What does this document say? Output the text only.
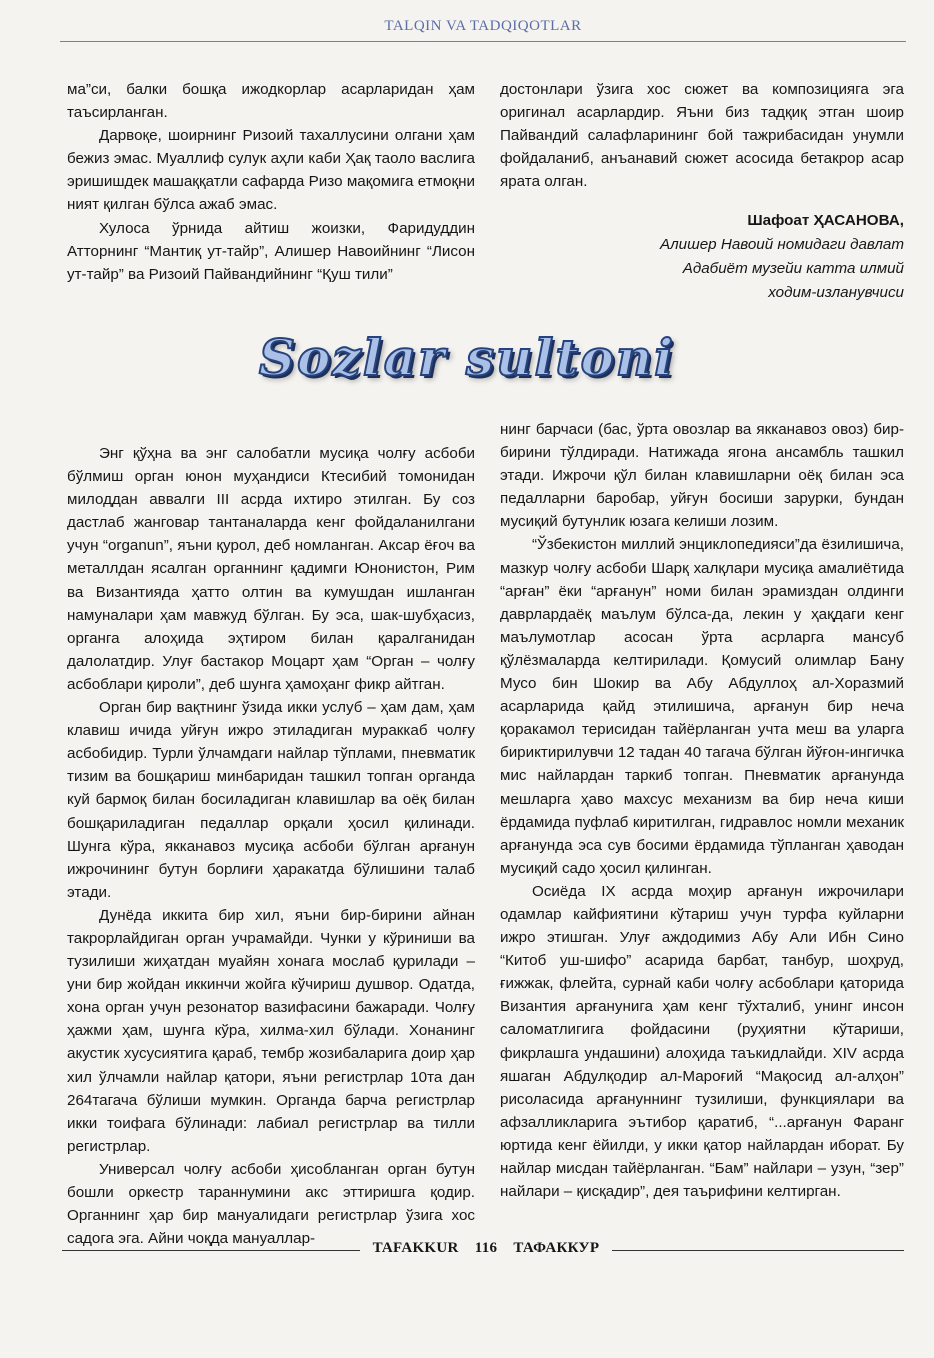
TALQIN VA TADQIQOTLAR

ма”си, балки бошқа ижодкорлар асарларидан ҳам таъсирланган.

Дарвоқе, шоирнинг Ризоий тахаллусини олгани ҳам бежиз эмас. Муаллиф сулук аҳли каби Ҳақ таоло васлига эришишдек машаққатли сафарда Ризо мақомига етмоқни ният қилган бўлса ажаб эмас.

Хулоса ўрнида айтиш жоизки, Фаридуддин Атторнинг “Мантиқ ут-тайр”, Алишер Навоийнинг “Лисон ут-тайр” ва Ризоий Пайвандийнинг “Қуш тили”

достонлари ўзига хос сюжет ва композицияга эга оригинал асарлардир. Яъни биз тадқиқ этган шоир Пайвандий салафларининг бой тажрибасидан унумли фойдаланиб, анъанавий сюжет асосида бетакрор асар ярата олган.

Шафоат ҲАСАНОВА,
Алишер Навоий номидаги давлат
Адабиёт музейи катта илмий
ходим-изланувчиси
Sozlar sultoni

Энг қўҳна ва энг салобатли мусиқа чолғу асбоби бўлмиш орган юнон муҳандиси Ктесибий томонидан милоддан аввалги III асрда ихтиро этилган. Бу соз дастлаб жанговар тантаналарда кенг фойдаланилгани учун “organun”, яъни қурол, деб номланган. Аксар ёғоч ва металлдан ясалган органнинг қадимги Юнонистон, Рим ва Византияда ҳатто олтин ва кумушдан ишланган намуналари ҳам мавжуд бўлган. Бу эса, шак-шубҳасиз, органга алоҳида эҳтиром билан қаралганидан далолатдир. Улуғ бастакор Моцарт ҳам “Орган – чолғу асбоблари қироли”, деб шунга ҳамоҳанг фикр айтган.

Орган бир вақтнинг ўзида икки услуб – ҳам дам, ҳам клавиш ичида уйғун ижро этиладиган мураккаб чолғу асбобидир. Турли ўлчамдаги найлар тўплами, пневматик тизим ва бошқариш минбаридан ташкил топган органда куй бармоқ билан босиладиган клавишлар ва оёқ билан бошқариладиган педаллар орқали ҳосил қилинади. Шунга кўра, якканавоз мусиқа асбоби бўлган арғанун ижрочининг бутун борлиғи ҳаракатда бўлишини талаб этади.

Дунёда иккита бир хил, яъни бир-бирини айнан такрорлайдиган орган учрамайди. Чунки у кўриниши ва тузилиши жиҳатдан муайян хонага мослаб қурилади – уни бир жойдан иккинчи жойга кўчириш душвор. Одатда, хона орган учун резонатор вазифасини бажаради. Чолғу ҳажми ҳам, шунга кўра, хилма-хил бўлади. Хонанинг акустик хусусиятига қараб, тембр жозибаларига доир ҳар хил ўлчамли найлар қатори, яъни регистрлар 10та дан 264тагача бўлиши мумкин. Органда барча регистрлар икки тоифага бўлинади: лабиал регистрлар ва тилли регистрлар.

Универсал чолғу асбоби ҳисобланган орган бутун бошли оркестр тараннумини акс эттиришга қодир. Органнинг ҳар бир мануалидаги регистрлар ўзига хос садога эга. Айни чоқда мануаллар-

нинг барчаси (бас, ўрта овозлар ва якканавоз овоз) бир-бирини тўлдиради. Натижада ягона ансамбль ташкил этади. Ижрочи қўл билан клавишларни оёқ билан эса педалларни баробар, уйғун босиши зарурки, бундан мусиқий бутунлик юзага келиши лозим.

“Ўзбекистон миллий энциклопедияси”да ёзилишича, мазкур чолғу асбоби Шарқ халқлари мусиқа амалиётида “арған” ёки “арғанун” номи билан эрамиздан олдинги даврлардаёқ маълум бўлса-да, лекин у ҳақдаги кенг маълумотлар асосан ўрта асрларга мансуб қўлёзмаларда келтирилади. Қомусий олимлар Бану Мусо бин Шокир ва Абу Абдуллоҳ ал-Хоразмий асарларида қайд этилишича, арғанун бир неча қоракамол терисидан тайёрланган учта меш ва уларга бириктирилувчи 12 тадан 40 тагача бўлган йўғон-ингичка мис найлардан таркиб топган. Пневматик арғанунда мешларга ҳаво махсус механизм ва бир неча киши ёрдамида пуфлаб киритилган, гидравлос номли механик арғанунда эса сув босими ёрдамида тўпланган ҳаводан мусиқий садо ҳосил қилинган.

Осиёда IX асрда моҳир арғанун ижрочилари одамлар кайфиятини кўтариш учун турфа куйларни ижро этишган. Улуғ аждодимиз Абу Али Ибн Сино “Китоб уш-шифо” асарида барбат, танбур, шоҳруд, ғижжак, флейта, сурнай каби чолғу асбоблари қаторида Византия арғанунига ҳам кенг тўхталиб, унинг инсон саломатлигига фойдасини (руҳиятни кўтариши, фикрлашга ундашини) алоҳида таъкидлайди. XIV асрда яшаган Абдулқодир ал-Марoғий “Мақосид ал-алҳон” рисоласида арғануннинг тузилиши, функциялари ва афзалликларига эътибор қаратиб, “...арғанун Фаранг юртида кенг ёйилди, у икки қатор найлардан иборат. Бу найлар мисдан тайёрланган. “Бам” найлари – узун, “зер” найлари – қисқадир”, дея таърифини келтирган.

TAFAKKUR 116 ТАФАККУР
